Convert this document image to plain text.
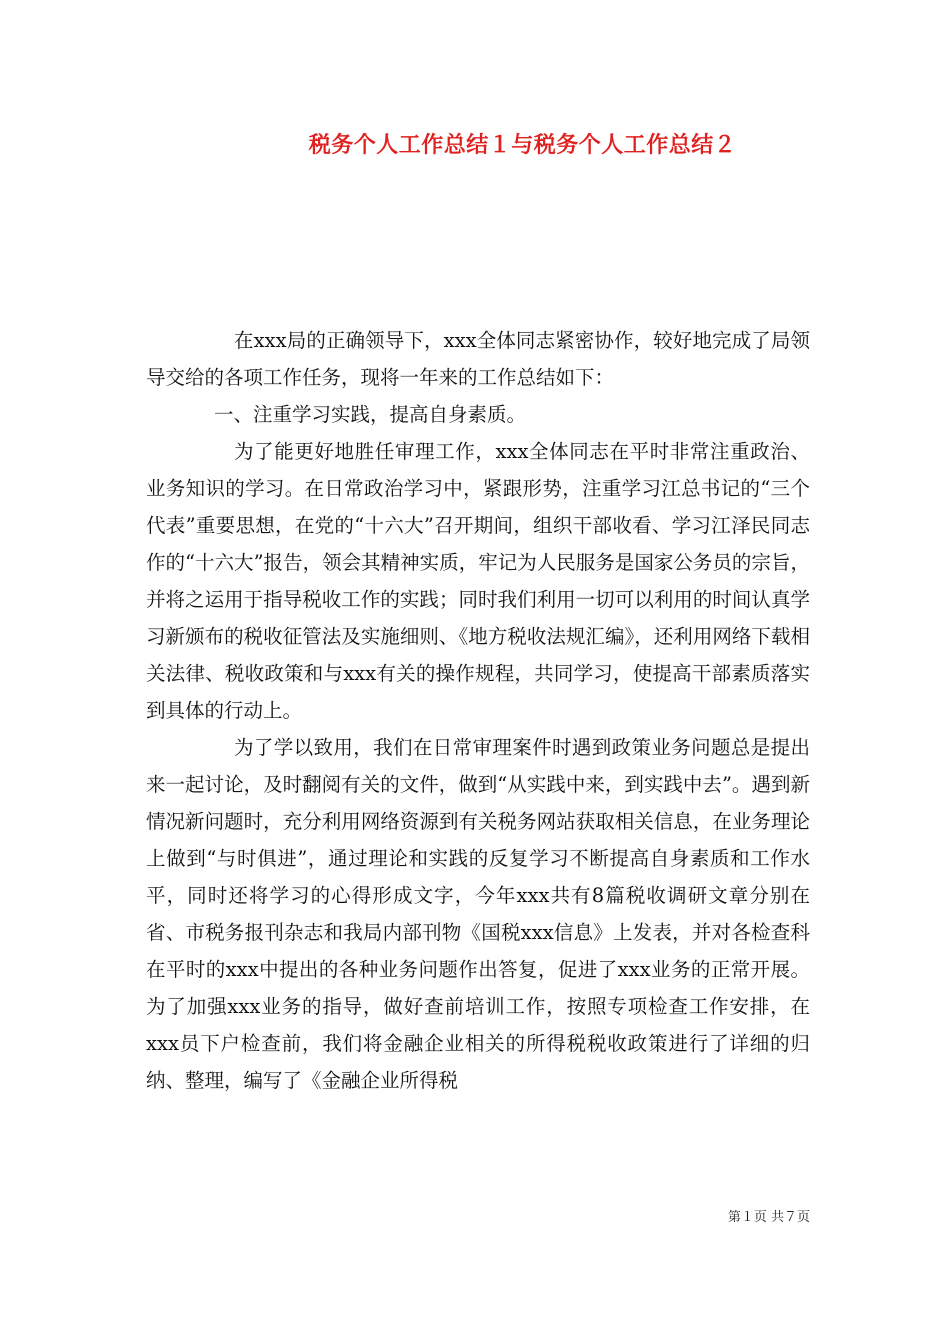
税务个人工作总结１与税务个人工作总结２

在xxx局的正确领导下，xxx全体同志紧密协作，较好地完成了局领导交给的各项工作任务，现将一年来的工作总结如下：

一、注重学习实践，提高自身素质。

为了能更好地胜任审理工作，xxx全体同志在平时非常注重政治、业务知识的学习。在日常政治学习中，紧跟形势，注重学习江总书记的“三个代表”重要思想，在党的“十六大”召开期间，组织干部收看、学习江泽民同志作的“十六大”报告，领会其精神实质，牢记为人民服务是国家公务员的宗旨，并将之运用于指导税收工作的实践；同时我们利用一切可以利用的时间认真学习新颁布的税收征管法及实施细则、《地方税收法规汇编》，还利用网络下载相关法律、税收政策和与xxx有关的操作规程，共同学习，使提高干部素质落实到具体的行动上。

为了学以致用，我们在日常审理案件时遇到政策业务问题总是提出来一起讨论，及时翻阅有关的文件，做到“从实践中来，到实践中去”。遇到新情况新问题时，充分利用网络资源到有关税务网站获取相关信息，在业务理论上做到“与时俱进”，通过理论和实践的反复学习不断提高自身素质和工作水平，同时还将学习的心得形成文字，今年xxx共有8篇税收调研文章分别在省、市税务报刊杂志和我局内部刊物《国税xxx信息》上发表，并对各检查科在平时的xxx中提出的各种业务问题作出答复，促进了xxx业务的正常开展。为了加强xxx业务的指导，做好查前培训工作，按照专项检查工作安排，在xxx员下户检查前，我们将金融企业相关的所得税税收政策进行了详细的归纳、整理，编写了《金融企业所得税

第１页 共７页
